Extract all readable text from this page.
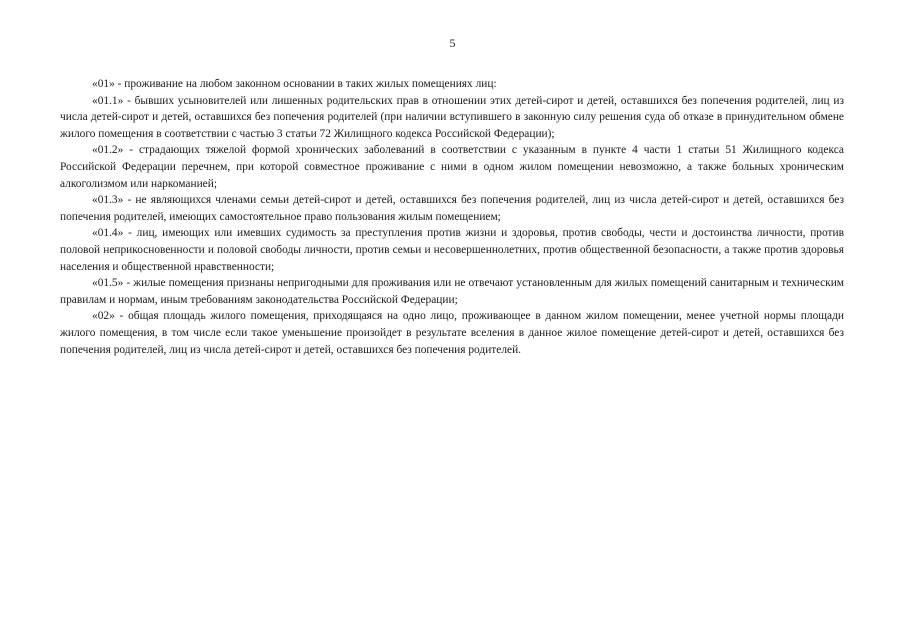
5

«01» - проживание на любом законном основании в таких жилых помещениях лиц:

«01.1» - бывших усыновителей или лишенных родительских прав в отношении этих детей-сирот и детей, оставшихся без попечения родителей, лиц из числа детей-сирот и детей, оставшихся без попечения родителей (при наличии вступившего в законную силу решения суда об отказе в принудительном обмене жилого помещения в соответствии с частью 3 статьи 72 Жилищного кодекса Российской Федерации);

«01.2» - страдающих тяжелой формой хронических заболеваний в соответствии с указанным в пункте 4 части 1 статьи 51 Жилищного кодекса Российской Федерации перечнем, при которой совместное проживание с ними в одном жилом помещении невозможно, а также больных хроническим алкоголизмом или наркоманией;

«01.3» - не являющихся членами семьи детей-сирот и детей, оставшихся без попечения родителей, лиц из числа детей-сирот и детей, оставшихся без попечения родителей, имеющих самостоятельное право пользования жилым помещением;

«01.4» - лиц, имеющих или имевших судимость за преступления против жизни и здоровья, против свободы, чести и достоинства личности, против половой неприкосновенности и половой свободы личности, против семьи и несовершеннолетних, против общественной безопасности, а также против здоровья населения и общественной нравственности;

«01.5» - жилые помещения признаны непригодными для проживания или не отвечают установленным для жилых помещений санитарным и техническим правилам и нормам, иным требованиям законодательства Российской Федерации;

«02» - общая площадь жилого помещения, приходящаяся на одно лицо, проживающее в данном жилом помещении, менее учетной нормы площади жилого помещения, в том числе если такое уменьшение произойдет в результате вселения в данное жилое помещение детей-сирот и детей, оставшихся без попечения родителей, лиц из числа детей-сирот и детей, оставшихся без попечения родителей.
